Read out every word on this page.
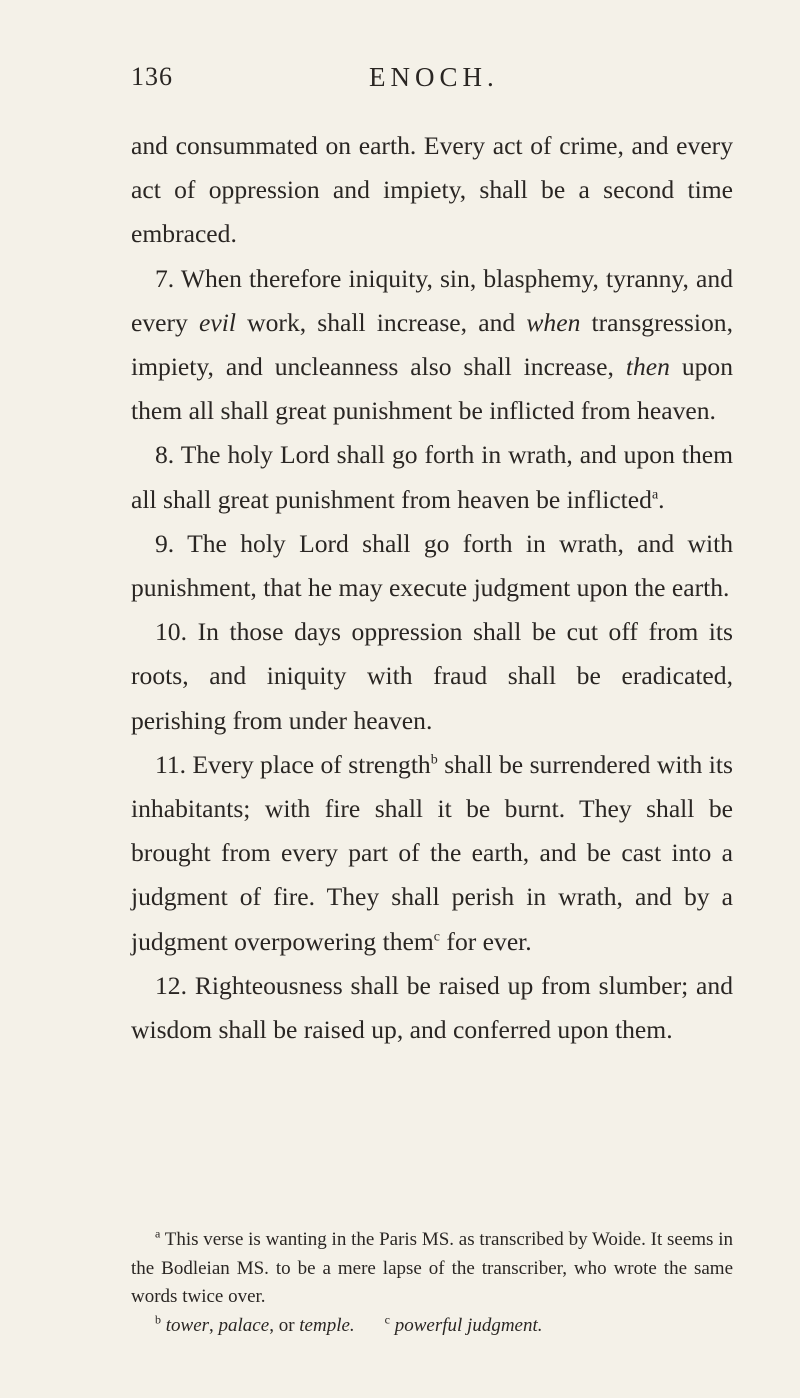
136	ENOCH.

and consummated on earth. Every act of crime, and every act of oppression and impiety, shall be a second time embraced.

7. When therefore iniquity, sin, blasphemy, tyranny, and every evil work, shall increase, and when transgression, impiety, and uncleanness also shall increase, then upon them all shall great punishment be inflicted from heaven.

8. The holy Lord shall go forth in wrath, and upon them all shall great punishment from heaven be inflicted$^a$.

9. The holy Lord shall go forth in wrath, and with punishment, that he may execute judgment upon the earth.

10. In those days oppression shall be cut off from its roots, and iniquity with fraud shall be eradicated, perishing from under heaven.

11. Every place of strength$^b$ shall be surrendered with its inhabitants; with fire shall it be burnt. They shall be brought from every part of the earth, and be cast into a judgment of fire. They shall perish in wrath, and by a judgment overpowering them$^c$ for ever.

12. Righteousness shall be raised up from slumber; and wisdom shall be raised up, and conferred upon them.

$^a$ This verse is wanting in the Paris MS. as transcribed by Woide. It seems in the Bodleian MS. to be a mere lapse of the transcriber, who wrote the same words twice over.

$^b$ tower, palace, or temple.	$^c$ powerful judgment.
